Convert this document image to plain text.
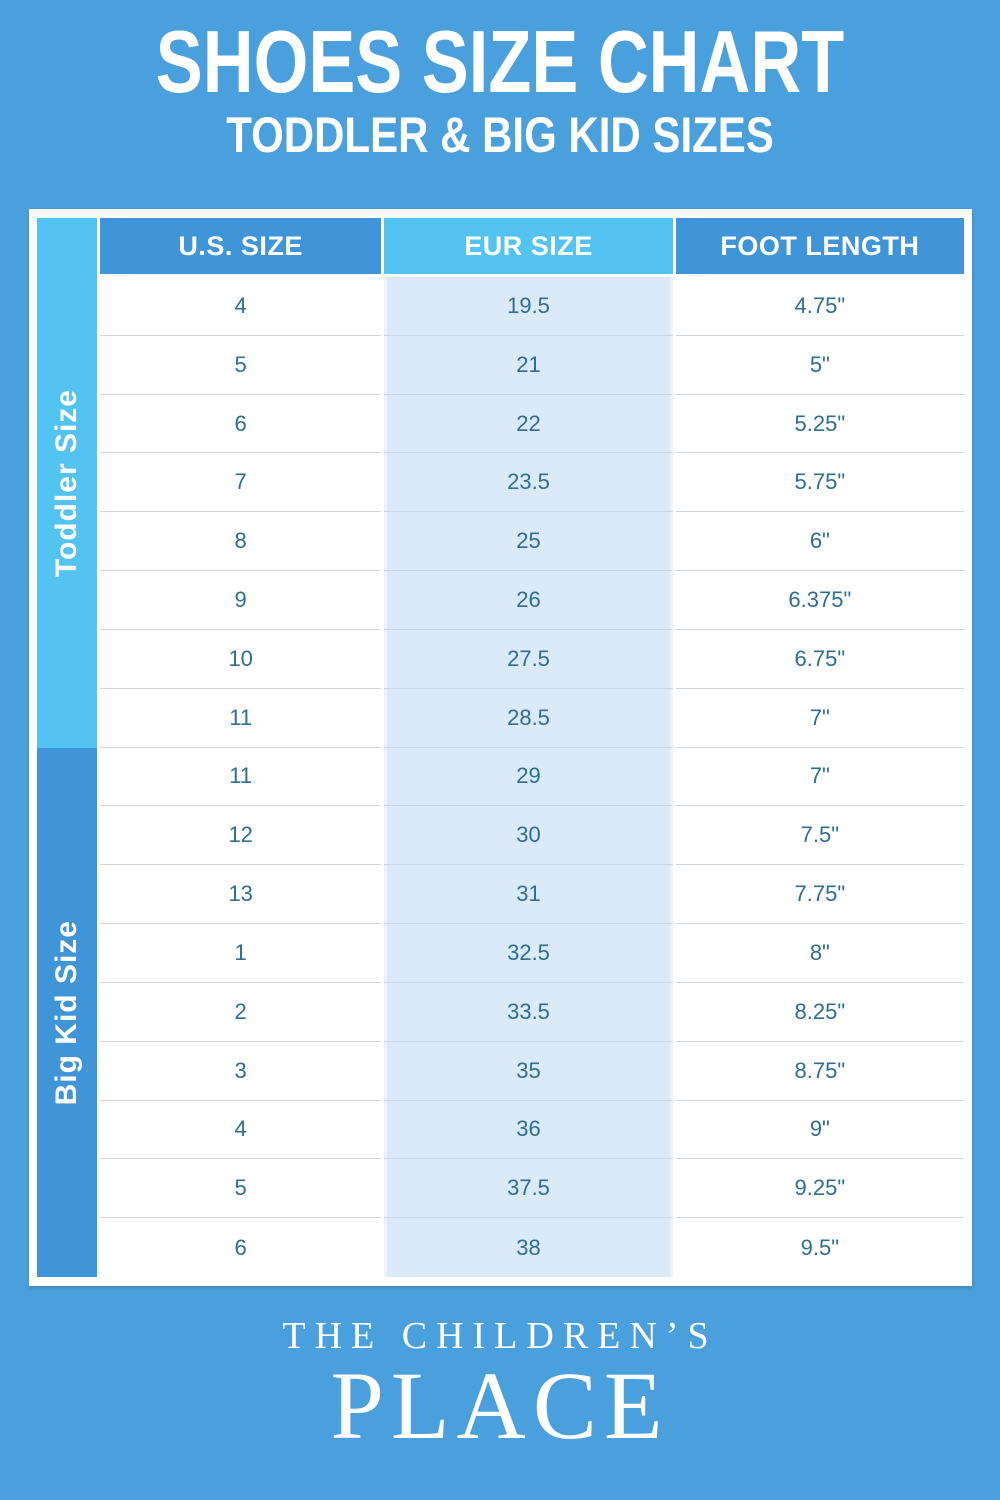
SHOES SIZE CHART
TODDLER & BIG KID SIZES
Toddler Size
Big Kid Size
U.S. SIZE	EUR SIZE	FOOT LENGTH
4	19.5	4.75"
5	21	5"
6	22	5.25"
7	23.5	5.75"
8	25	6"
9	26	6.375"
10	27.5	6.75"
11	28.5	7"
11	29	7"
12	30	7.5"
13	31	7.75"
1	32.5	8"
2	33.5	8.25"
3	35	8.75"
4	36	9"
5	37.5	9.25"
6	38	9.5"
THE CHILDREN’S
PLACE
